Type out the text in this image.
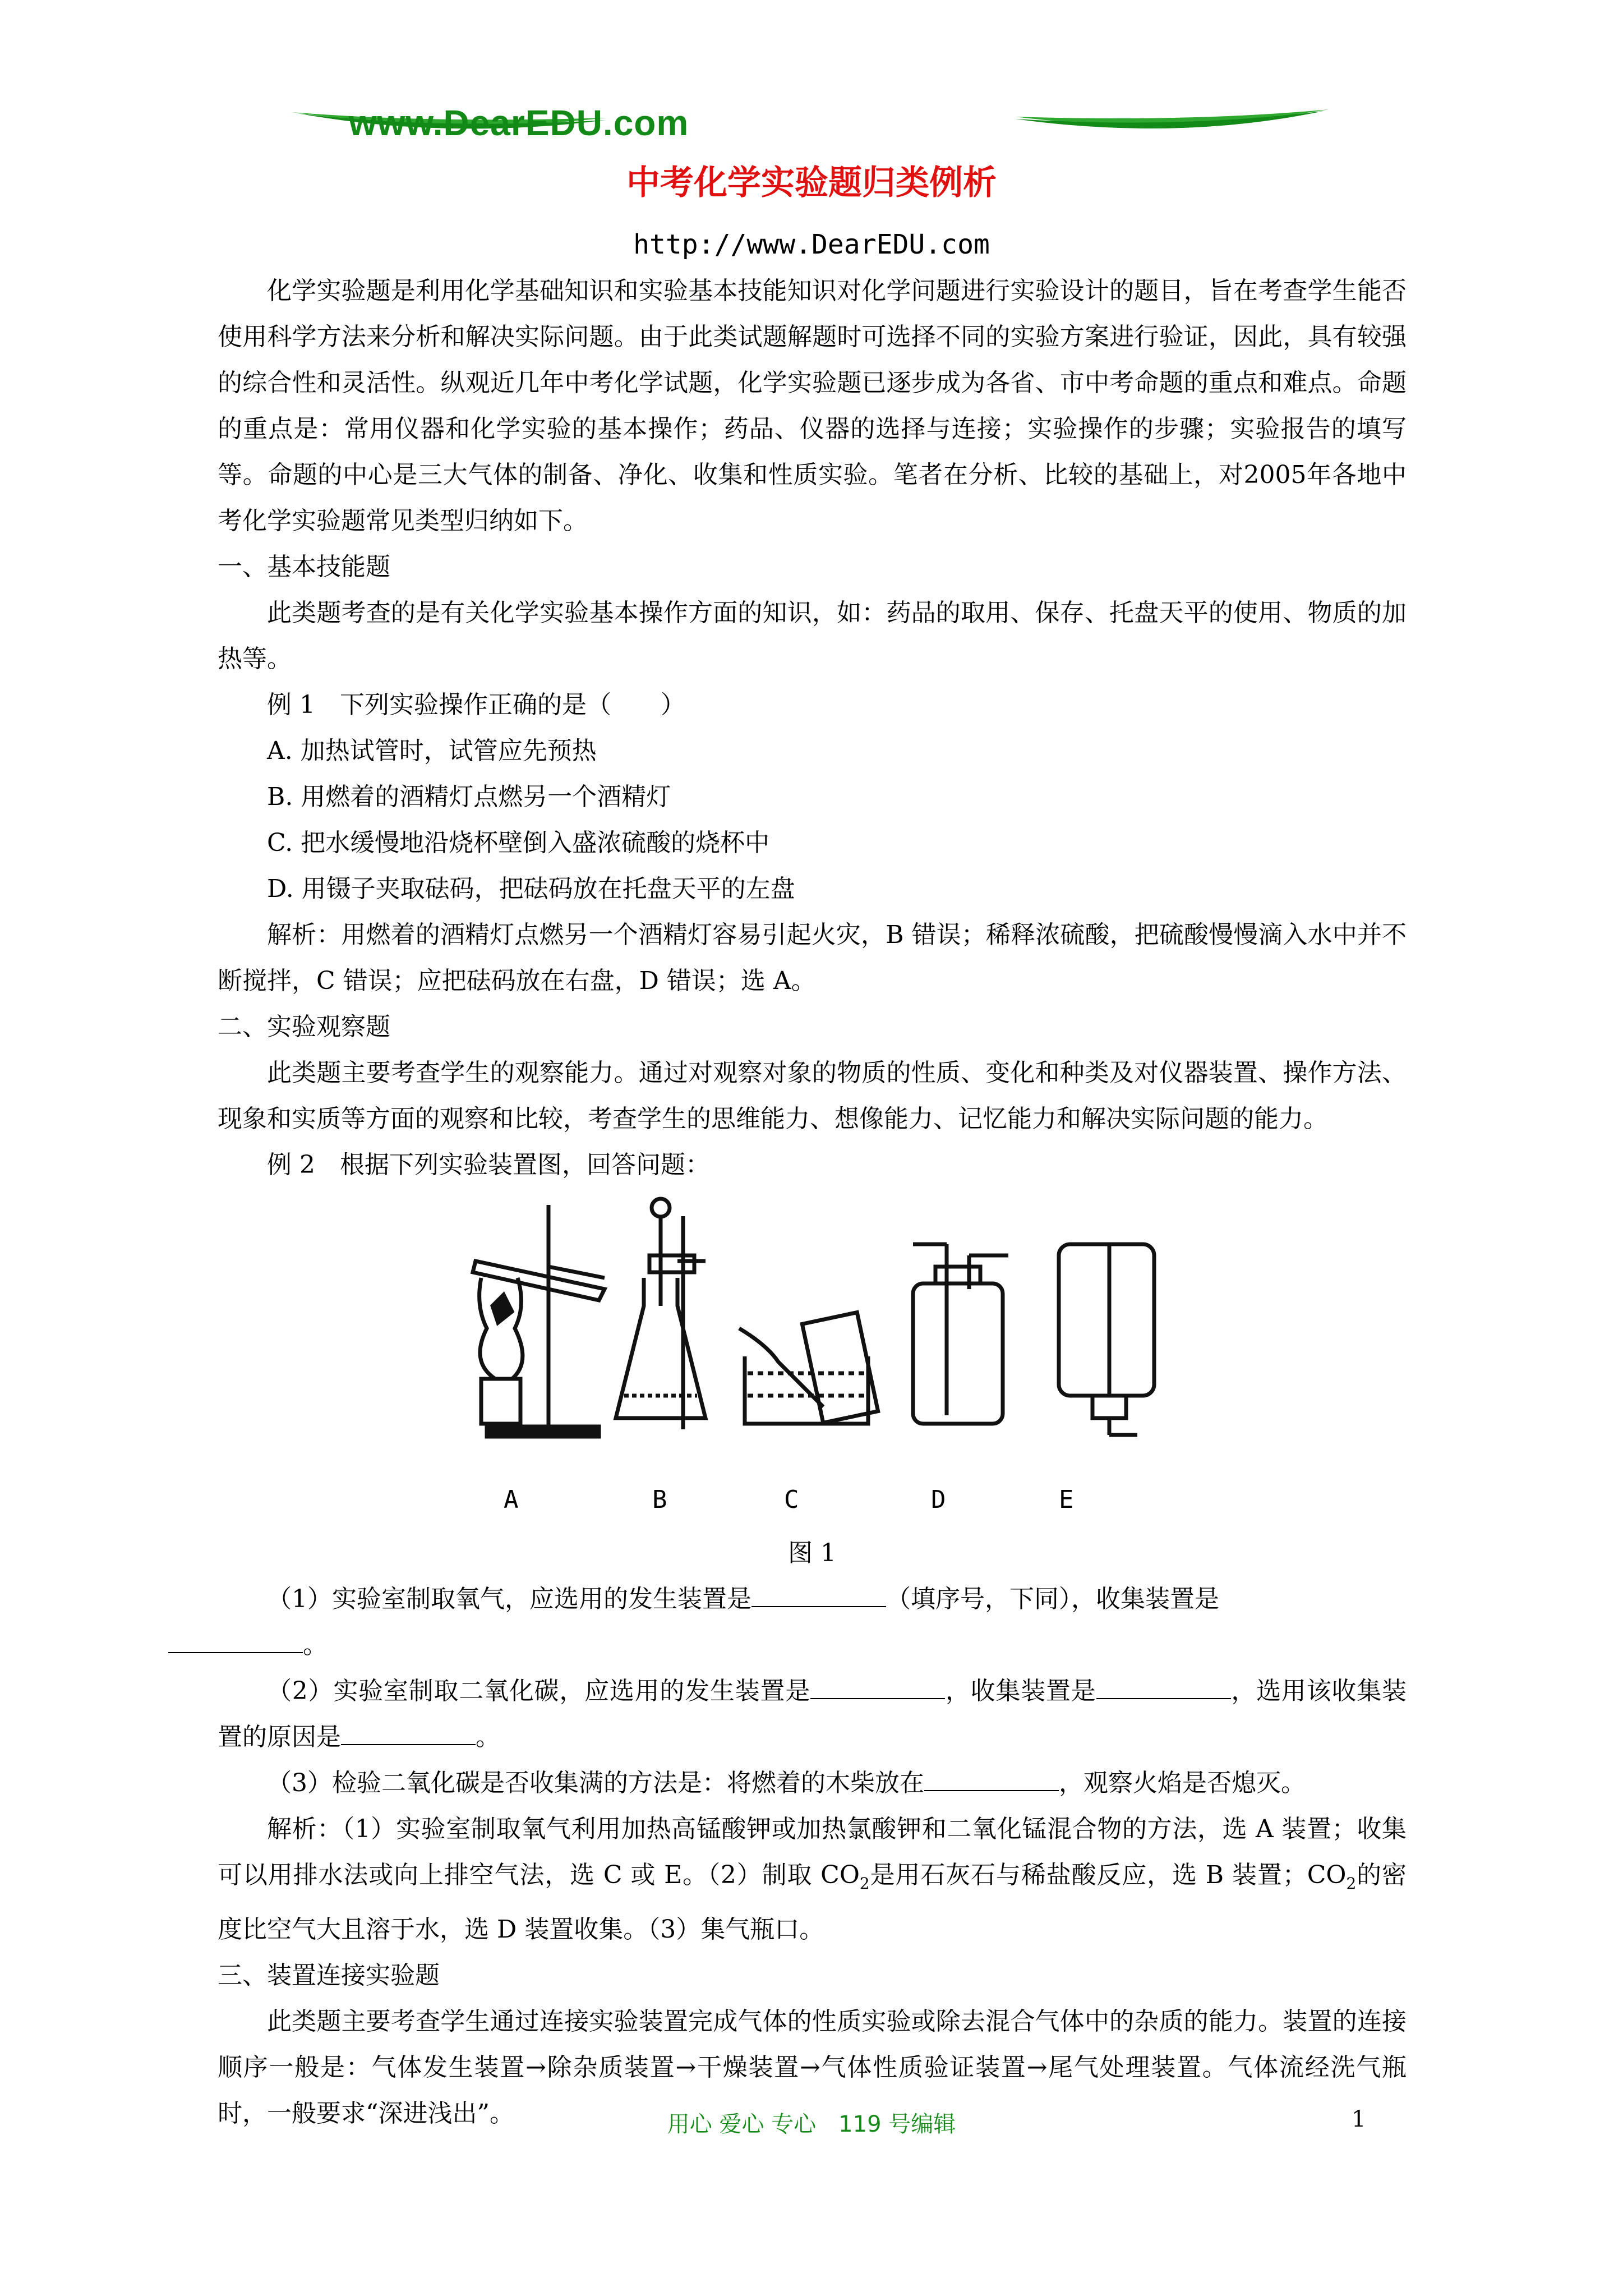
www.DearEDU.com
中考化学实验题归类例析
http://www.DearEDU.com

化学实验题是利用化学基础知识和实验基本技能知识对化学问题进行实验设计的题目，旨在考查学生能否使用科学方法来分析和解决实际问题。由于此类试题解题时可选择不同的实验方案进行验证，因此，具有较强的综合性和灵活性。纵观近几年中考化学试题，化学实验题已逐步成为各省、市中考命题的重点和难点。命题的重点是：常用仪器和化学实验的基本操作；药品、仪器的选择与连接；实验操作的步骤；实验报告的填写等。命题的中心是三大气体的制备、净化、收集和性质实验。笔者在分析、比较的基础上，对2005年各地中考化学实验题常见类型归纳如下。

一、基本技能题

此类题考查的是有关化学实验基本操作方面的知识，如：药品的取用、保存、托盘天平的使用、物质的加热等。

例 1　下列实验操作正确的是（　　）

A. 加热试管时，试管应先预热

B. 用燃着的酒精灯点燃另一个酒精灯

C. 把水缓慢地沿烧杯壁倒入盛浓硫酸的烧杯中

D. 用镊子夹取砝码，把砝码放在托盘天平的左盘

解析：用燃着的酒精灯点燃另一个酒精灯容易引起火灾，B 错误；稀释浓硫酸，把硫酸慢慢滴入水中并不断搅拌，C 错误；应把砝码放在右盘，D 错误；选 A。

二、实验观察题

此类题主要考查学生的观察能力。通过对观察对象的物质的性质、变化和种类及对仪器装置、操作方法、现象和实质等方面的观察和比较，考查学生的思维能力、想像能力、记忆能力和解决实际问题的能力。

例 2　根据下列实验装置图，回答问题：

A	B	C	D	E

图 1

（1）实验室制取氧气，应选用的发生装置是	（填序号，下同），收集装置是
。

（2）实验室制取二氧化碳，应选用的发生装置是	，收集装置是	，选用该收集装置的原因是	。

（3）检验二氧化碳是否收集满的方法是：将燃着的木柴放在	，观察火焰是否熄灭。

解析：（1）实验室制取氧气利用加热高锰酸钾或加热氯酸钾和二氧化锰混合物的方法，选 A 装置；收集可以用排水法或向上排空气法，选 C 或 E。（2）制取 $CO_2$是用石灰石与稀盐酸反应，选 B 装置；$CO_2$的密度比空气大且溶于水，选 D 装置收集。（3）集气瓶口。

三、装置连接实验题

此类题主要考查学生通过连接实验装置完成气体的性质实验或除去混合气体中的杂质的能力。装置的连接顺序一般是：气体发生装置→除杂质装置→干燥装置→气体性质验证装置→尾气处理装置。气体流经洗气瓶时，一般要求“深进浅出”。	用心 爱心 专心　119 号编辑	1
